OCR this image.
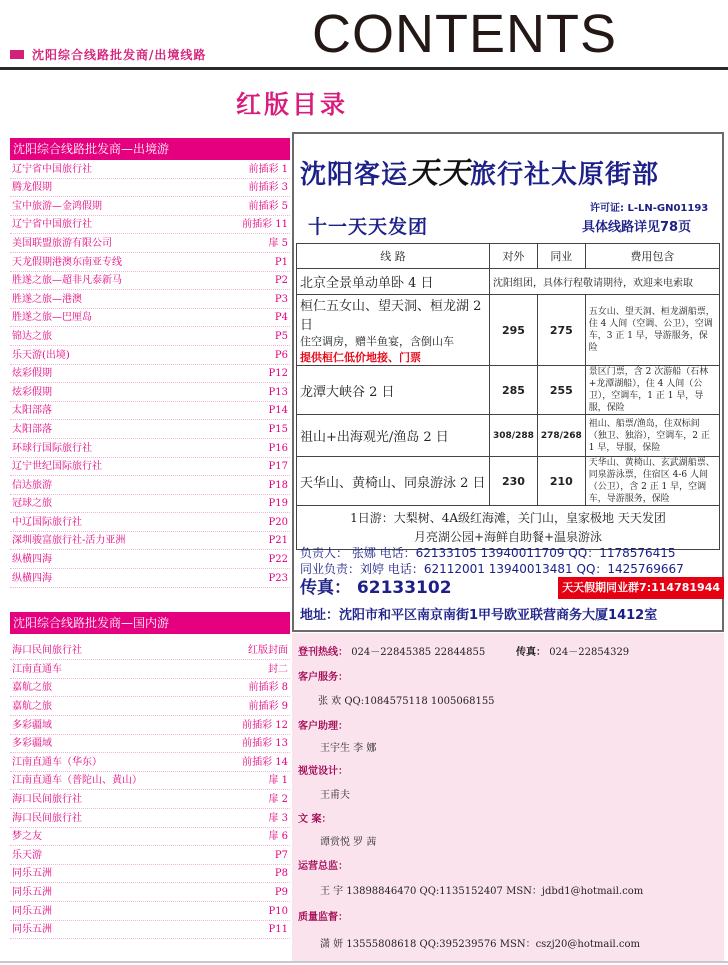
沈阳综合线路批发商/出境线路 CONTENTS
红版目录
沈阳综合线路批发商—出境游
辽宁省中国旅行社	前插彩 1
腾龙假期	前插彩 3
宝中旅游—金鸿假期	前插彩 5
辽宁省中国旅行社	前插彩 11
美国联盟旅游有限公司	扉 5
天龙假期港澳东南亚专线	P1
胜遂之旅—超非凡泰新马	P2
胜遂之旅—港澳	P3
胜遂之旅—巴厘岛	P4
锦达之旅	P5
乐天游(出境)	P6
炫彩假期	P12
炫彩假期	P13
太阳部落	P14
太阳部落	P15
环球行国际旅行社	P16
辽宁世纪国际旅行社	P17
信达旅游	P18
冠球之旅	P19
中辽国际旅行社	P20
深圳骏富旅行社-活力亚洲	P21
纵横四海	P22
纵横四海	P23
沈阳综合线路批发商—国内游
海口民间旅行社	红版封面
江南直通车	封二
嘉航之旅	前插彩 8
嘉航之旅	前插彩 9
多彩疆域	前插彩 12
多彩疆域	前插彩 13
江南直通车（华东）	前插彩 14
江南直通车（普陀山、黄山）	扉 1
海口民间旅行社	扉 2
海口民间旅行社	扉 3
梦之友	扉 6
乐天游	P7
同乐五洲	P8
同乐五洲	P9
同乐五洲	P10
同乐五洲	P11
沈阳客运天天旅行社太原街部
许可证: L-LN-GN01193
十一天天发团	具体线路详见78页
线 路	对外	同业	费用包含
北京全景单动单卧 4 日	沈阳组团，具体行程敬请期待，欢迎来电索取		

桓仁五女山、望天洞、桓龙湖 2 日
住空调房，赠半鱼宴，含倒山车
提供桓仁低价地接、门票	295	275	五女山、望天洞、桓龙湖船票，住 4 人间（空调、公卫），空调车，3 正 1 早，导游服务，保险
龙潭大峡谷 2 日	285	255	景区门票，含 2 次游船（石林+龙潭湖船），住 4 人间（公卫），空调车，1 正 1 早，导服，保险
祖山+出海观光/渔岛 2 日	308/288	278/268	祖山、船票/渔岛，住双标间（独卫、独浴），空调车，2 正 1 早，导服，保险
天华山、黄椅山、同泉游泳 2 日	230	210	天华山、黄椅山、玄武湖船票、同泉游泳票，住宿区 4-6 人间（公卫），含 2 正 1 早，空调车，导游服务，保险

1日游：大梨树、4A级红海滩，关门山，皇家极地 天天发团
月亮湖公园+海鲜自助餐+温泉游泳			
负责人： 张娜 电话：62133105 13940011709 QQ：1178576415
同业负责：刘婷 电话：62112001 13940013481 QQ：1425769667
传真： 62133102	天天假期同业群7:114781944
地址：沈阳市和平区南京南街1甲号欧亚联营商务大厦1412室
登刊热线： 024－22845385 22844855	传真： 024－22854329
客户服务：
张 欢 QQ:1084575118 1005068155
客户助理：
王宇生 李 娜
视觉设计：
王甫夫
文 案：
谭赏悦 罗 茜
运营总监：
王 宇 13898846470 QQ:1135152407 MSN：jdbd1@hotmail.com
质量监督：
潇 妍 13555808618 QQ:395239576 MSN：cszj20@hotmail.com
